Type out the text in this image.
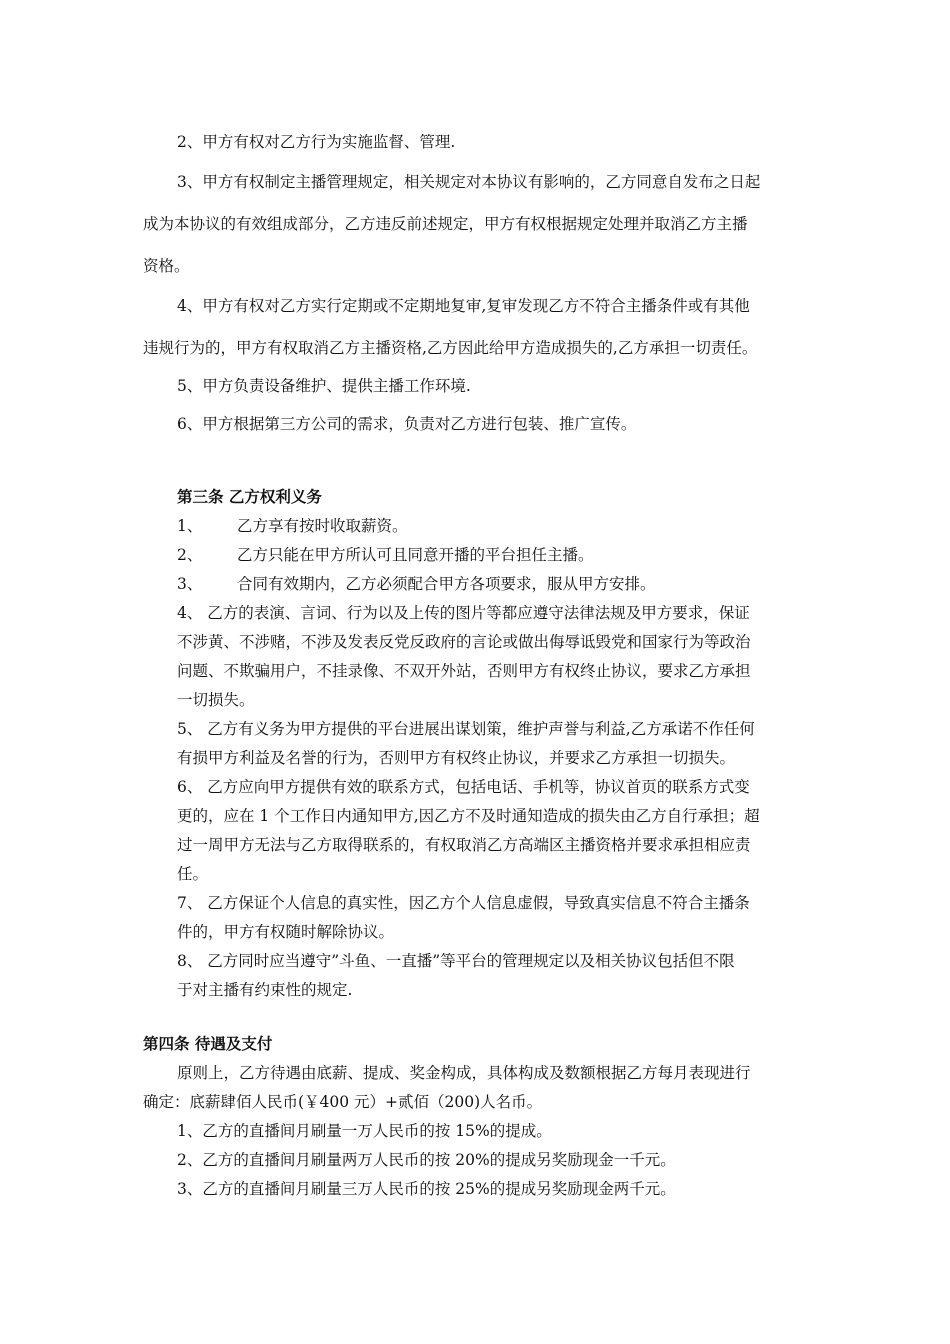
2、甲方有权对乙方行为实施监督、管理.
3、甲方有权制定主播管理规定，相关规定对本协议有影响的，乙方同意自发布之日起
成为本协议的有效组成部分，乙方违反前述规定，甲方有权根据规定处理并取消乙方主播
资格。
4、甲方有权对乙方实行定期或不定期地复审,复审发现乙方不符合主播条件或有其他
违规行为的，甲方有权取消乙方主播资格,乙方因此给甲方造成损失的,乙方承担一切责任。
5、甲方负责设备维护、提供主播工作环境.
6、甲方根据第三方公司的需求，负责对乙方进行包装、推广宣传。
第三条 乙方权利义务
1、 乙方享有按时收取薪资。
2、 乙方只能在甲方所认可且同意开播的平台担任主播。
3、 合同有效期内，乙方必须配合甲方各项要求，服从甲方安排。
4、 乙方的表演、言词、行为以及上传的图片等都应遵守法律法规及甲方要求，保证
不涉黄、不涉赌，不涉及发表反党反政府的言论或做出侮辱诋毁党和国家行为等政治
问题、不欺骗用户，不挂录像、不双开外站，否则甲方有权终止协议，要求乙方承担
一切损失。
5、 乙方有义务为甲方提供的平台进展出谋划策，维护声誉与利益,乙方承诺不作任何
有损甲方利益及名誉的行为，否则甲方有权终止协议，并要求乙方承担一切损失。
6、 乙方应向甲方提供有效的联系方式，包括电话、手机等，协议首页的联系方式变
更的，应在 1 个工作日内通知甲方,因乙方不及时通知造成的损失由乙方自行承担；超
过一周甲方无法与乙方取得联系的，有权取消乙方高端区主播资格并要求承担相应责
任。
7、 乙方保证个人信息的真实性，因乙方个人信息虚假，导致真实信息不符合主播条
件的，甲方有权随时解除协议。
8、 乙方同时应当遵守”斗鱼、一直播”等平台的管理规定以及相关协议包括但不限
于对主播有约束性的规定.
第四条 待遇及支付
原则上，乙方待遇由底薪、提成、奖金构成，具体构成及数额根据乙方每月表现进行
确定：底薪肆佰人民币(￥400 元）+贰佰（200)人名币。
1、乙方的直播间月刷量一万人民币的按 15%的提成。
2、乙方的直播间月刷量两万人民币的按 20%的提成另奖励现金一千元。
3、乙方的直播间月刷量三万人民币的按 25%的提成另奖励现金两千元。
